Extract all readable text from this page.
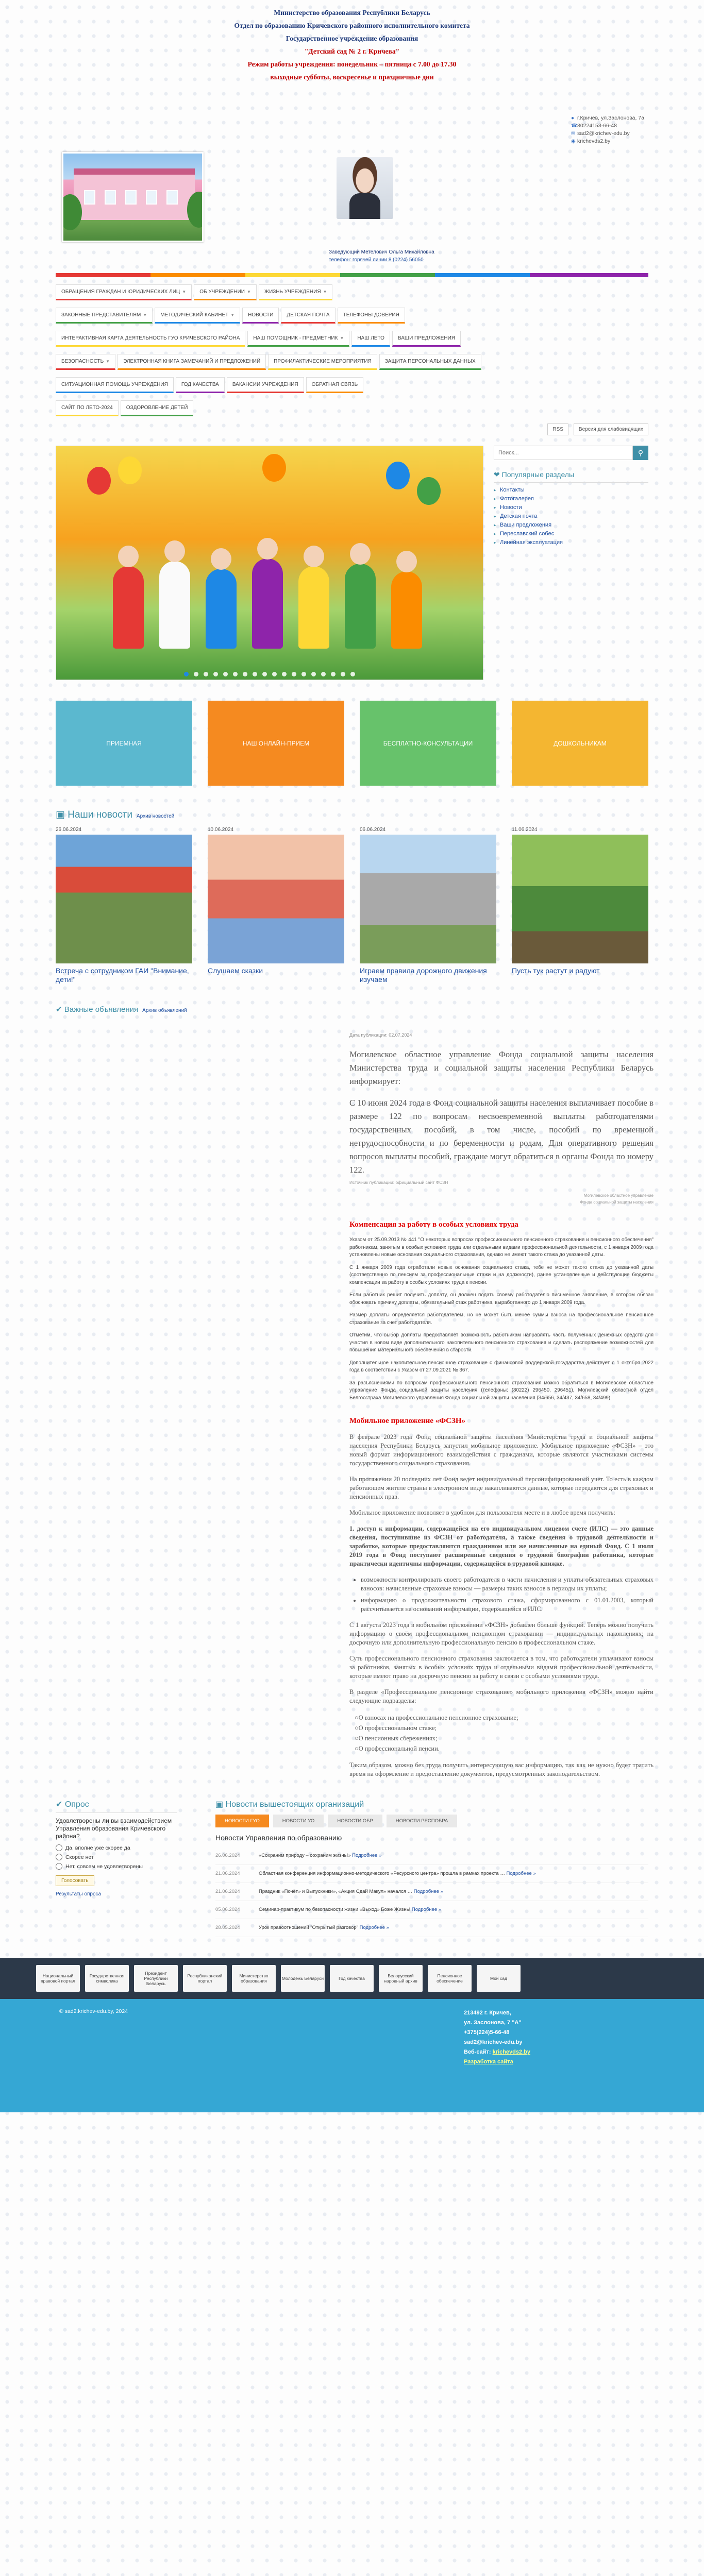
Министерство образования Республики Беларусь
Отдел по образованию Кричевского районного исполнительного комитета
Государственное учреждение образования
"Детский сад № 2 г. Кричева"
Режим работы учреждения: понедельник – пятница с 7.00 до 17.30
выходные субботы, воскресенье и праздничные дни
● г.Кричев, ул.Заслонова, 7а
☎80224153-66-48
✉ sad2@krichev-edu.by
◉ krichevds2.by
Заведующий Метелович Ольга Михайловна
телефон: горячей линии 8 (0224) 56050
ОБРАЩЕНИЯ ГРАЖДАН И ЮРИДИЧЕСКИХ ЛИЦ ▼	ОБ УЧРЕЖДЕНИИ ▼	ЖИЗНЬ УЧРЕЖДЕНИЯ ▼
ЗАКОННЫЕ ПРЕДСТАВИТЕЛЯМ ▼	МЕТОДИЧЕСКИЙ КАБИНЕТ ▼	НОВОСТИ	ДЕТСКАЯ ПОЧТА	ТЕЛЕФОНЫ ДОВЕРИЯ
ИНТЕРАКТИВНАЯ КАРТА ДЕЯТЕЛЬНОСТЬ ГУО КРИЧЕВСКОГО РАЙОНА	НАШ ПОМОЩНИК - ПРЕДМЕТНИК ▼	НАШ ЛЕТО	ВАШИ ПРЕДЛОЖЕНИЯ
БЕЗОПАСНОСТЬ ▼	ЭЛЕКТРОННАЯ КНИГА ЗАМЕЧАНИЙ И ПРЕДЛОЖЕНИЙ	ПРОФИЛАКТИЧЕСКИЕ МЕРОПРИЯТИЯ	ЗАЩИТА ПЕРСОНАЛЬНЫХ ДАННЫХ
СИТУАЦИОННАЯ ПОМОЩЬ УЧРЕЖДЕНИЯ	ГОД КАЧЕСТВА	ВАКАНСИИ УЧРЕЖДЕНИЯ	ОБРАТНАЯ СВЯЗЬ
САЙТ ПО ЛЕТО-2024	ОЗДОРОВЛЕНИЕ ДЕТЕЙ
RSS	Версия для слабовидящих
Поиск...
⚲
❤ Популярные разделы
▸ Контакты
▸ Фотогалерея
▸ Новости
▸ Детская почта
▸ Ваши предложения
▸ Переславский собес
▸ Линейная эксплуатация
ПРИЕМНАЯ	НАШ ОНЛАЙН-ПРИЕМ	БЕСПЛАТНО-КОНСУЛЬТАЦИИ	ДОШКОЛЬНИКАМ
▣ Наши новости Архив новостей
26.06.2024
Встреча с сотрудником ГАИ "Внимание, дети!"
10.06.2024
Слушаем сказки
06.06.2024
Играем правила дорожного движения изучаем
11.06.2024
Пусть тук растут и радуют
✔ Важные объявления Архив объявлений
Дата публикации: 02.07.2024
Могилевское областное управление Фонда социальной защиты населения Министерства труда и социальной защиты населения Республики Беларусь информирует:
С 10 июня 2024 года в Фонд социальной защиты населения выплачивает пособие в размере 122 по вопросам несвоевременной выплаты работодателями государственных пособий, в том числе, пособий по временной нетрудоспособности и по беременности и родам. Для оперативного решения вопросов выплаты пособий, граждане могут обратиться в органы Фонда по номеру 122.
Источник публикации: официальный сайт ФСЗН
Могилевское областное управление
Фонда социальной защиты населения
Компенсация за работу в особых условиях труда

Указом от 25.09.2013 № 441 "О некоторых вопросах профессионального пенсионного страхования и пенсионного обеспечения" работникам, занятым в особых условиях труда или отдельными видами профессиональной деятельности, с 1 января 2009 года установлены новые основания социального страхования, однако не имеют такого стажа до указанной даты.

С 1 января 2009 года отработали новых основания социального стажа, тебе не может такого стажа до указанной даты (соответственно по пенсиям за профессиональные стажи и на должности), ранее установленные и действующие бюджеты компенсации за работу в особых условиях труда к пенсии.

Если работник решит получить доплату, он должен подать своему работодателю письменное заявление, в котором обязан обосновать причину доплаты, обязательный стаж работника, выработанного до 1 января 2009 года.

Размер доплаты определяется работодателем, но не может быть менее суммы взноса на профессиональное пенсионное страхование за счет работодателя.

Отметим, что выбор доплаты предоставляет возможность работникам направлять часть полученных денежных средств для участия в новом виде дополнительного накопительного пенсионного страхования и сделать распоряжение возможностей для повышения материального обеспечения в старости.

Дополнительное накопительное пенсионное страхование с финансовой поддержкой государства действует с 1 октября 2022 года в соответствии с Указом от 27.09.2021 № 367.

За разъяснениями по вопросам профессионального пенсионного страхования можно обратиться в Могилевское областное управление Фонда социальной защиты населения (телефоны: (80222) 296450, 296451), Могилевский областной отдел Белгосстраха Могилевского управления Фонда социальной защиты населения (34/656, 34/437, 34/658, 34/499).

Мобильное приложение «ФСЗН»

В феврале 2023 года Фонд социальной защиты населения Министерства труда и социальной защиты населения Республики Беларусь запустил мобильное приложение. Мобильное приложение «ФСЗН» – это новый формат информационного взаимодействия с гражданами, которые являются участниками системы государственного социального страхования.

На протяжении 20 последних лет Фонд ведет индивидуальный персонифицированный учет. То есть в каждом работающем жителе страны в электронном виде накапливаются данные, которые передаются для страховых и пенсионных прав.

Мобильное приложение позволяет в удобном для пользователя месте и в любое время получить:

1. доступ к информации, содержащейся на его индивидуальном лицевом счете (ИЛС) — это данные сведения, поступившие из ФСЗН от работодателя, а также сведения о трудовой деятельности и заработке, которые предоставляются гражданином или же начисленные на единый Фонд. С 1 июля 2019 года в Фонд поступают расширенные сведения о трудовой биографии работника, которые практически идентичны информации, содержащейся в трудовой книжке.

• возможность контролировать своего работодателя в части начисления и уплаты обязательных страховых взносов: начисленные страховые взносы — размеры таких взносов в периоды их уплаты;
• информацию о продолжительности страхового стажа, сформированного с 01.01.2003, который рассчитывается на основании информации, содержащейся в ИЛС.

С 1 августа 2023 года в мобильном приложении «ФСЗН» добавлен больше функций. Теперь можно получить информацию о своём профессиональном пенсионном страховании — индивидуальных накоплениях; на досрочную или дополнительную профессиональную пенсию в профессиональном стаже.

Суть профессионального пенсионного страхования заключается в том, что работодатели уплачивают взносы за работников, занятых в особых условиях труда и отдельными видами профессиональной деятельности, которые имеют право на досрочную пенсию за работу в связи с особыми условиями труда.

В разделе «Профессиональное пенсионное страхование» мобильного приложения «ФСЗН» можно найти следующие подразделы:

○ О взносах на профессиональное пенсионное страхование;
○ О профессиональном стаже;
○ О пенсионных сбережениях;
○ О профессиональной пенсии.

Таким образом, можно без труда получить интересующую вас информацию, так как не нужно будет тратить время на оформление и предоставление документов, предусмотренных законодательством.

✔ Опрос
Удовлетворены ли вы взаимодействием Управления образования Кричевского района?
Да, вполне уже скорее да
Скорее нет
Нет, совсем не удовлетворены
Голосовать
Результаты опроса
▣ Новости вышестоящих организаций
НОВОСТИ ГУО	НОВОСТИ УО	НОВОСТИ ОБР	НОВОСТИ РЕСПОБРА
Новости Управления по образованию
26.06.2024	«Сохраним природу – сохраним жизнь!» Подробнее »
21.06.2024	Областная конференция информационно-методического «Ресурсного центра» прошла в рамках проекта … Подробнее »
21.06.2024	Праздник «Почёт» и Выпускники», «Акция Сдай Макул» начался … Подробнее »
05.06.2024	Семинар-практикум по безопасности жизни «Выход» Боже Жизнь! Подробнее »
28.05.2024	Урок правоотношений "Открытый разговор" Подробнее »
Национальный правовой портал
Государственная символика
Президент Республики Беларусь
Республиканский портал
Министерство образования	Молодёжь Беларуси	Год качества	Белорусский народный архив
Пенсионное обеспечение	Мой сад
© sad2.krichev-edu.by, 2024	213492 г. Кричев,
ул. Заслонова, 7 "А"
+375(224)5-66-48
sad2@krichev-edu.by
Веб-сайт: krichevds2.by
Разработка сайта
